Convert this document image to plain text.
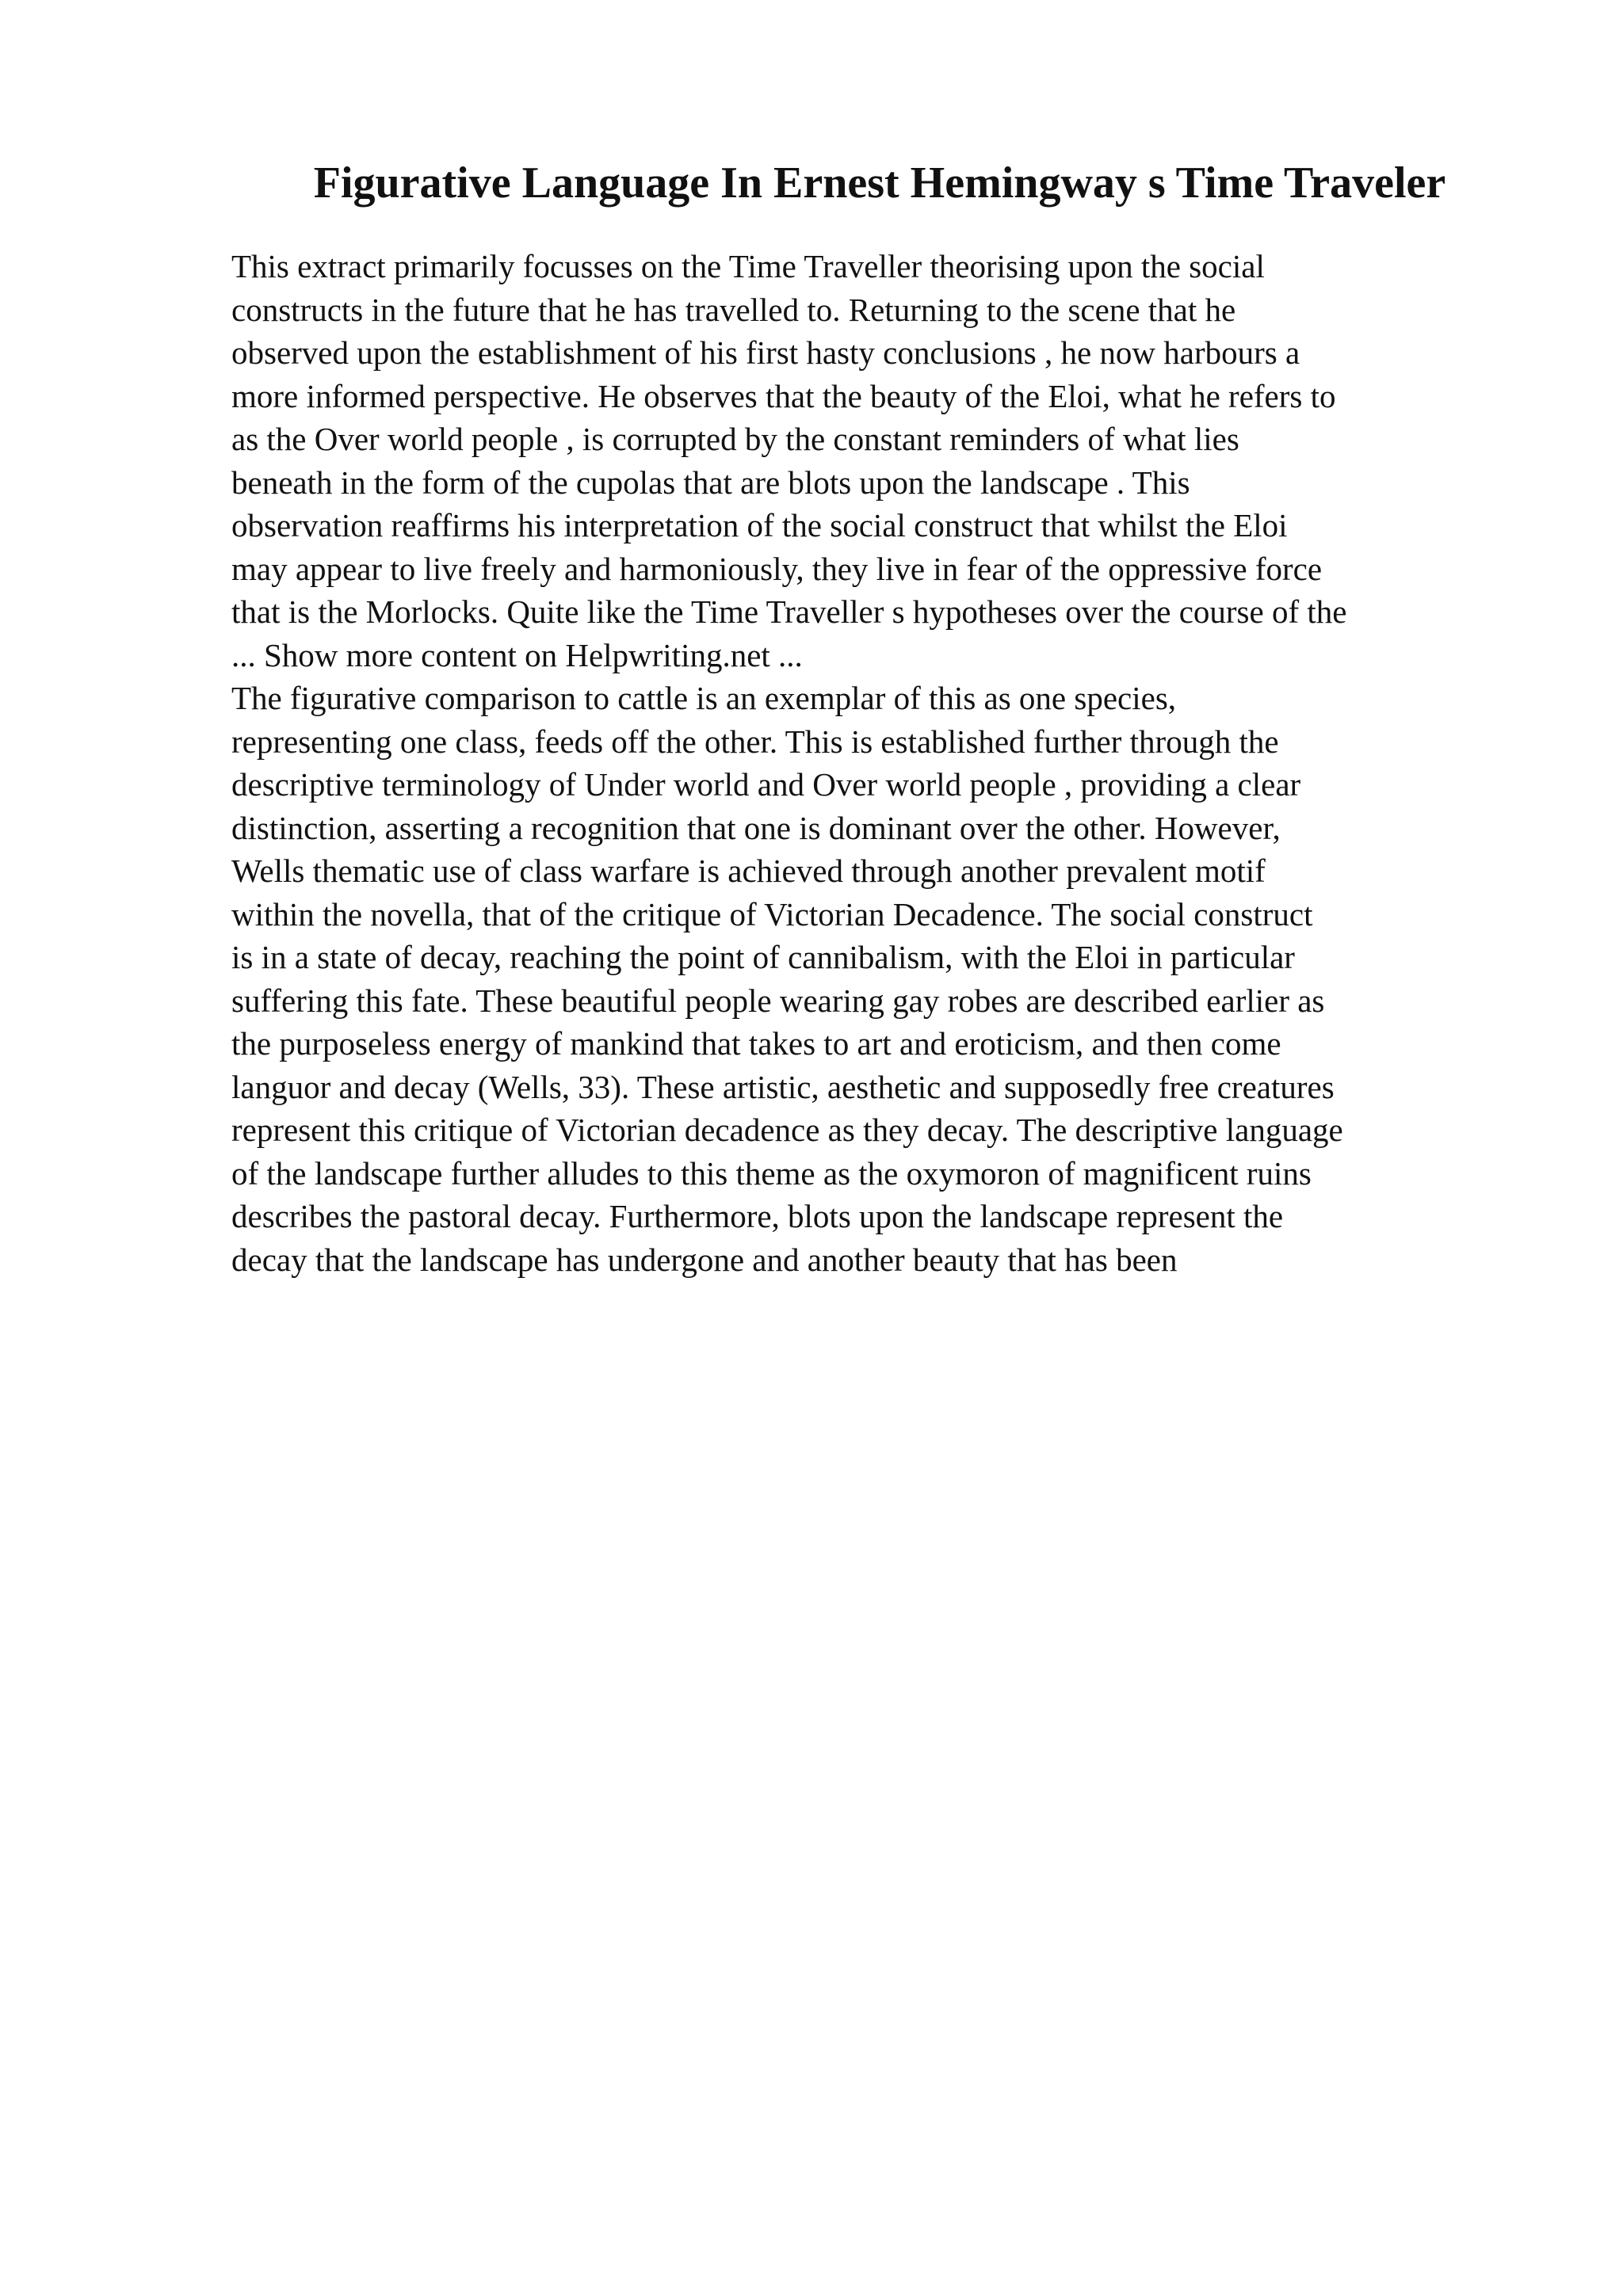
Figurative Language In Ernest Hemingway s Time Traveler
This extract primarily focusses on the Time Traveller theorising upon the social
constructs in the future that he has travelled to. Returning to the scene that he
observed upon the establishment of his first hasty conclusions , he now harbours a
more informed perspective. He observes that the beauty of the Eloi, what he refers to
as the Over world people , is corrupted by the constant reminders of what lies
beneath in the form of the cupolas that are blots upon the landscape . This
observation reaffirms his interpretation of the social construct that whilst the Eloi
may appear to live freely and harmoniously, they live in fear of the oppressive force
that is the Morlocks. Quite like the Time Traveller s hypotheses over the course of the
... Show more content on Helpwriting.net ...
The figurative comparison to cattle is an exemplar of this as one species,
representing one class, feeds off the other. This is established further through the
descriptive terminology of Under world and Over world people , providing a clear
distinction, asserting a recognition that one is dominant over the other. However,
Wells thematic use of class warfare is achieved through another prevalent motif
within the novella, that of the critique of Victorian Decadence. The social construct
is in a state of decay, reaching the point of cannibalism, with the Eloi in particular
suffering this fate. These beautiful people wearing gay robes are described earlier as
the purposeless energy of mankind that takes to art and eroticism, and then come
languor and decay (Wells, 33). These artistic, aesthetic and supposedly free creatures
represent this critique of Victorian decadence as they decay. The descriptive language
of the landscape further alludes to this theme as the oxymoron of magnificent ruins
describes the pastoral decay. Furthermore, blots upon the landscape represent the
decay that the landscape has undergone and another beauty that has been
